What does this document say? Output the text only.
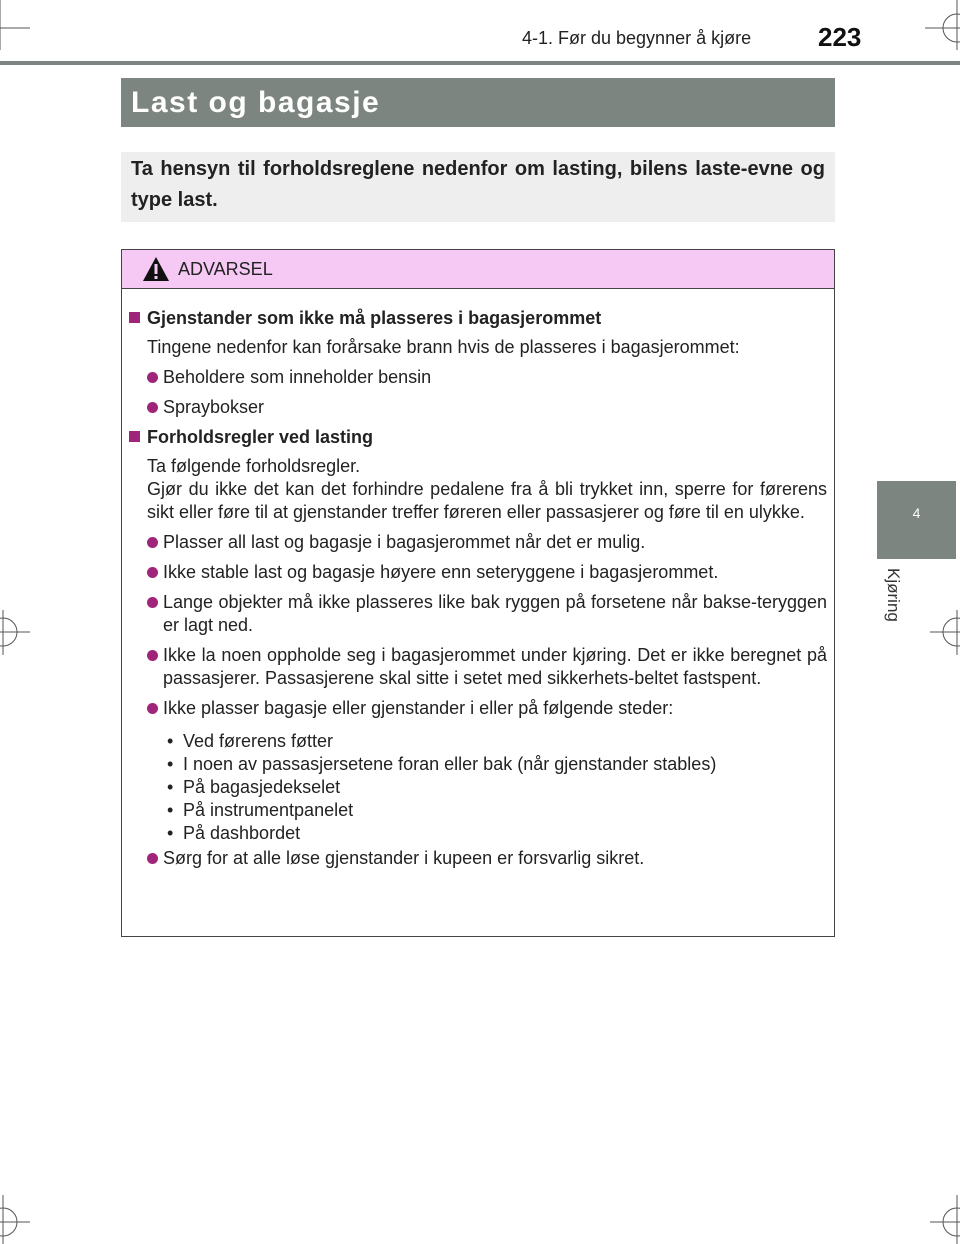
4-1. Før du begynner å kjøre	223
Last og bagasje

Ta hensyn til forholdsreglene nedenfor om lasting, bilens laste-evne og type last.

4
Kjøring
ADVARSEL
Gjenstander som ikke må plasseres i bagasjerommet
Tingene nedenfor kan forårsake brann hvis de plasseres i bagasjerommet:
Beholdere som inneholder bensin
Spraybokser
Forholdsregler ved lasting
Ta følgende forholdsregler.
Gjør du ikke det kan det forhindre pedalene fra å bli trykket inn, sperre for førerens sikt eller føre til at gjenstander treffer føreren eller passasjerer og føre til en ulykke.
Plasser all last og bagasje i bagasjerommet når det er mulig.
Ikke stable last og bagasje høyere enn seteryggene i bagasjerommet.
Lange objekter må ikke plasseres like bak ryggen på forsetene når bakse-teryggen er lagt ned.
Ikke la noen oppholde seg i bagasjerommet under kjøring. Det er ikke beregnet på passasjerer. Passasjerene skal sitte i setet med sikkerhets-beltet fastspent.
Ikke plasser bagasje eller gjenstander i eller på følgende steder:
• Ved førerens føtter
• I noen av passasjersetene foran eller bak (når gjenstander stables)
• På bagasjedekselet
• På instrumentpanelet
• På dashbordet
Sørg for at alle løse gjenstander i kupeen er forsvarlig sikret.
